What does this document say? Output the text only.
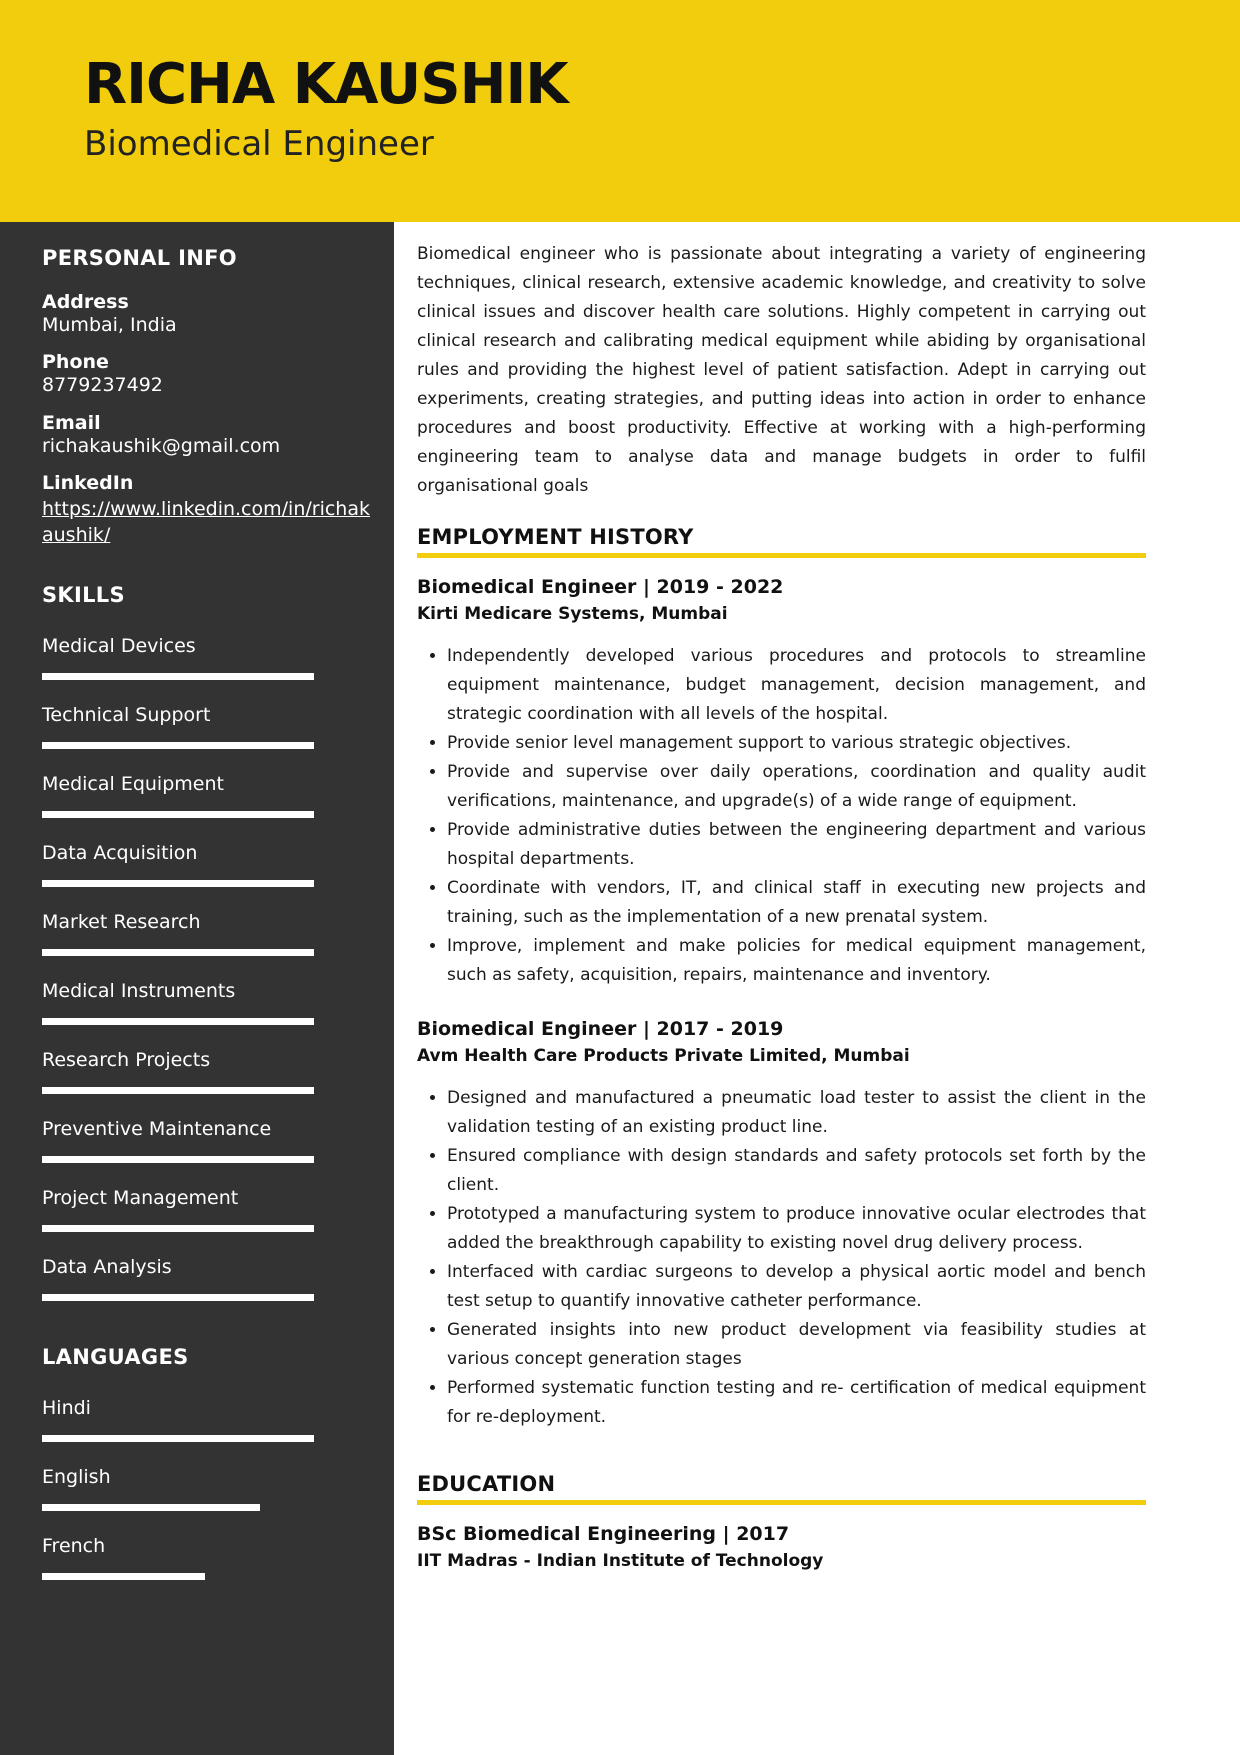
RICHA KAUSHIK
Biomedical Engineer
PERSONAL INFO
Address
Mumbai, India
Phone
8779237492
Email
richakaushik@gmail.com
LinkedIn
https://www.linkedin.com/in/richakaushik/
SKILLS
Medical Devices
Technical Support
Medical Equipment
Data Acquisition
Market Research
Medical Instruments
Research Projects
Preventive Maintenance
Project Management
Data Analysis
LANGUAGES
Hindi
English
French

Biomedical engineer who is passionate about integrating a variety of engineering techniques, clinical research, extensive academic knowledge, and creativity to solve clinical issues and discover health care solutions. Highly competent in carrying out clinical research and calibrating medical equipment while abiding by organisational rules and providing the highest level of patient satisfaction. Adept in carrying out experiments, creating strategies, and putting ideas into action in order to enhance procedures and boost productivity. Effective at working with a high-performing engineering team to analyse data and manage budgets in order to fulfil organisational goals

EMPLOYMENT HISTORY
Biomedical Engineer | 2019 - 2022
Kirti Medicare Systems, Mumbai
• Independently developed various procedures and protocols to streamline equipment maintenance, budget management, decision management, and strategic coordination with all levels of the hospital.
• Provide senior level management support to various strategic objectives.
• Provide and supervise over daily operations, coordination and quality audit verifications, maintenance, and upgrade(s) of a wide range of equipment.
• Provide administrative duties between the engineering department and various hospital departments.
• Coordinate with vendors, IT, and clinical staff in executing new projects and training, such as the implementation of a new prenatal system.
• Improve, implement and make policies for medical equipment management, such as safety, acquisition, repairs, maintenance and inventory.
Biomedical Engineer | 2017 - 2019
Avm Health Care Products Private Limited, Mumbai
• Designed and manufactured a pneumatic load tester to assist the client in the validation testing of an existing product line.
• Ensured compliance with design standards and safety protocols set forth by the client.
• Prototyped a manufacturing system to produce innovative ocular electrodes that added the breakthrough capability to existing novel drug delivery process.
• Interfaced with cardiac surgeons to develop a physical aortic model and bench test setup to quantify innovative catheter performance.
• Generated insights into new product development via feasibility studies at various concept generation stages
• Performed systematic function testing and re- certification of medical equipment for re-deployment.
EDUCATION
BSc Biomedical Engineering | 2017
IIT Madras - Indian Institute of Technology
